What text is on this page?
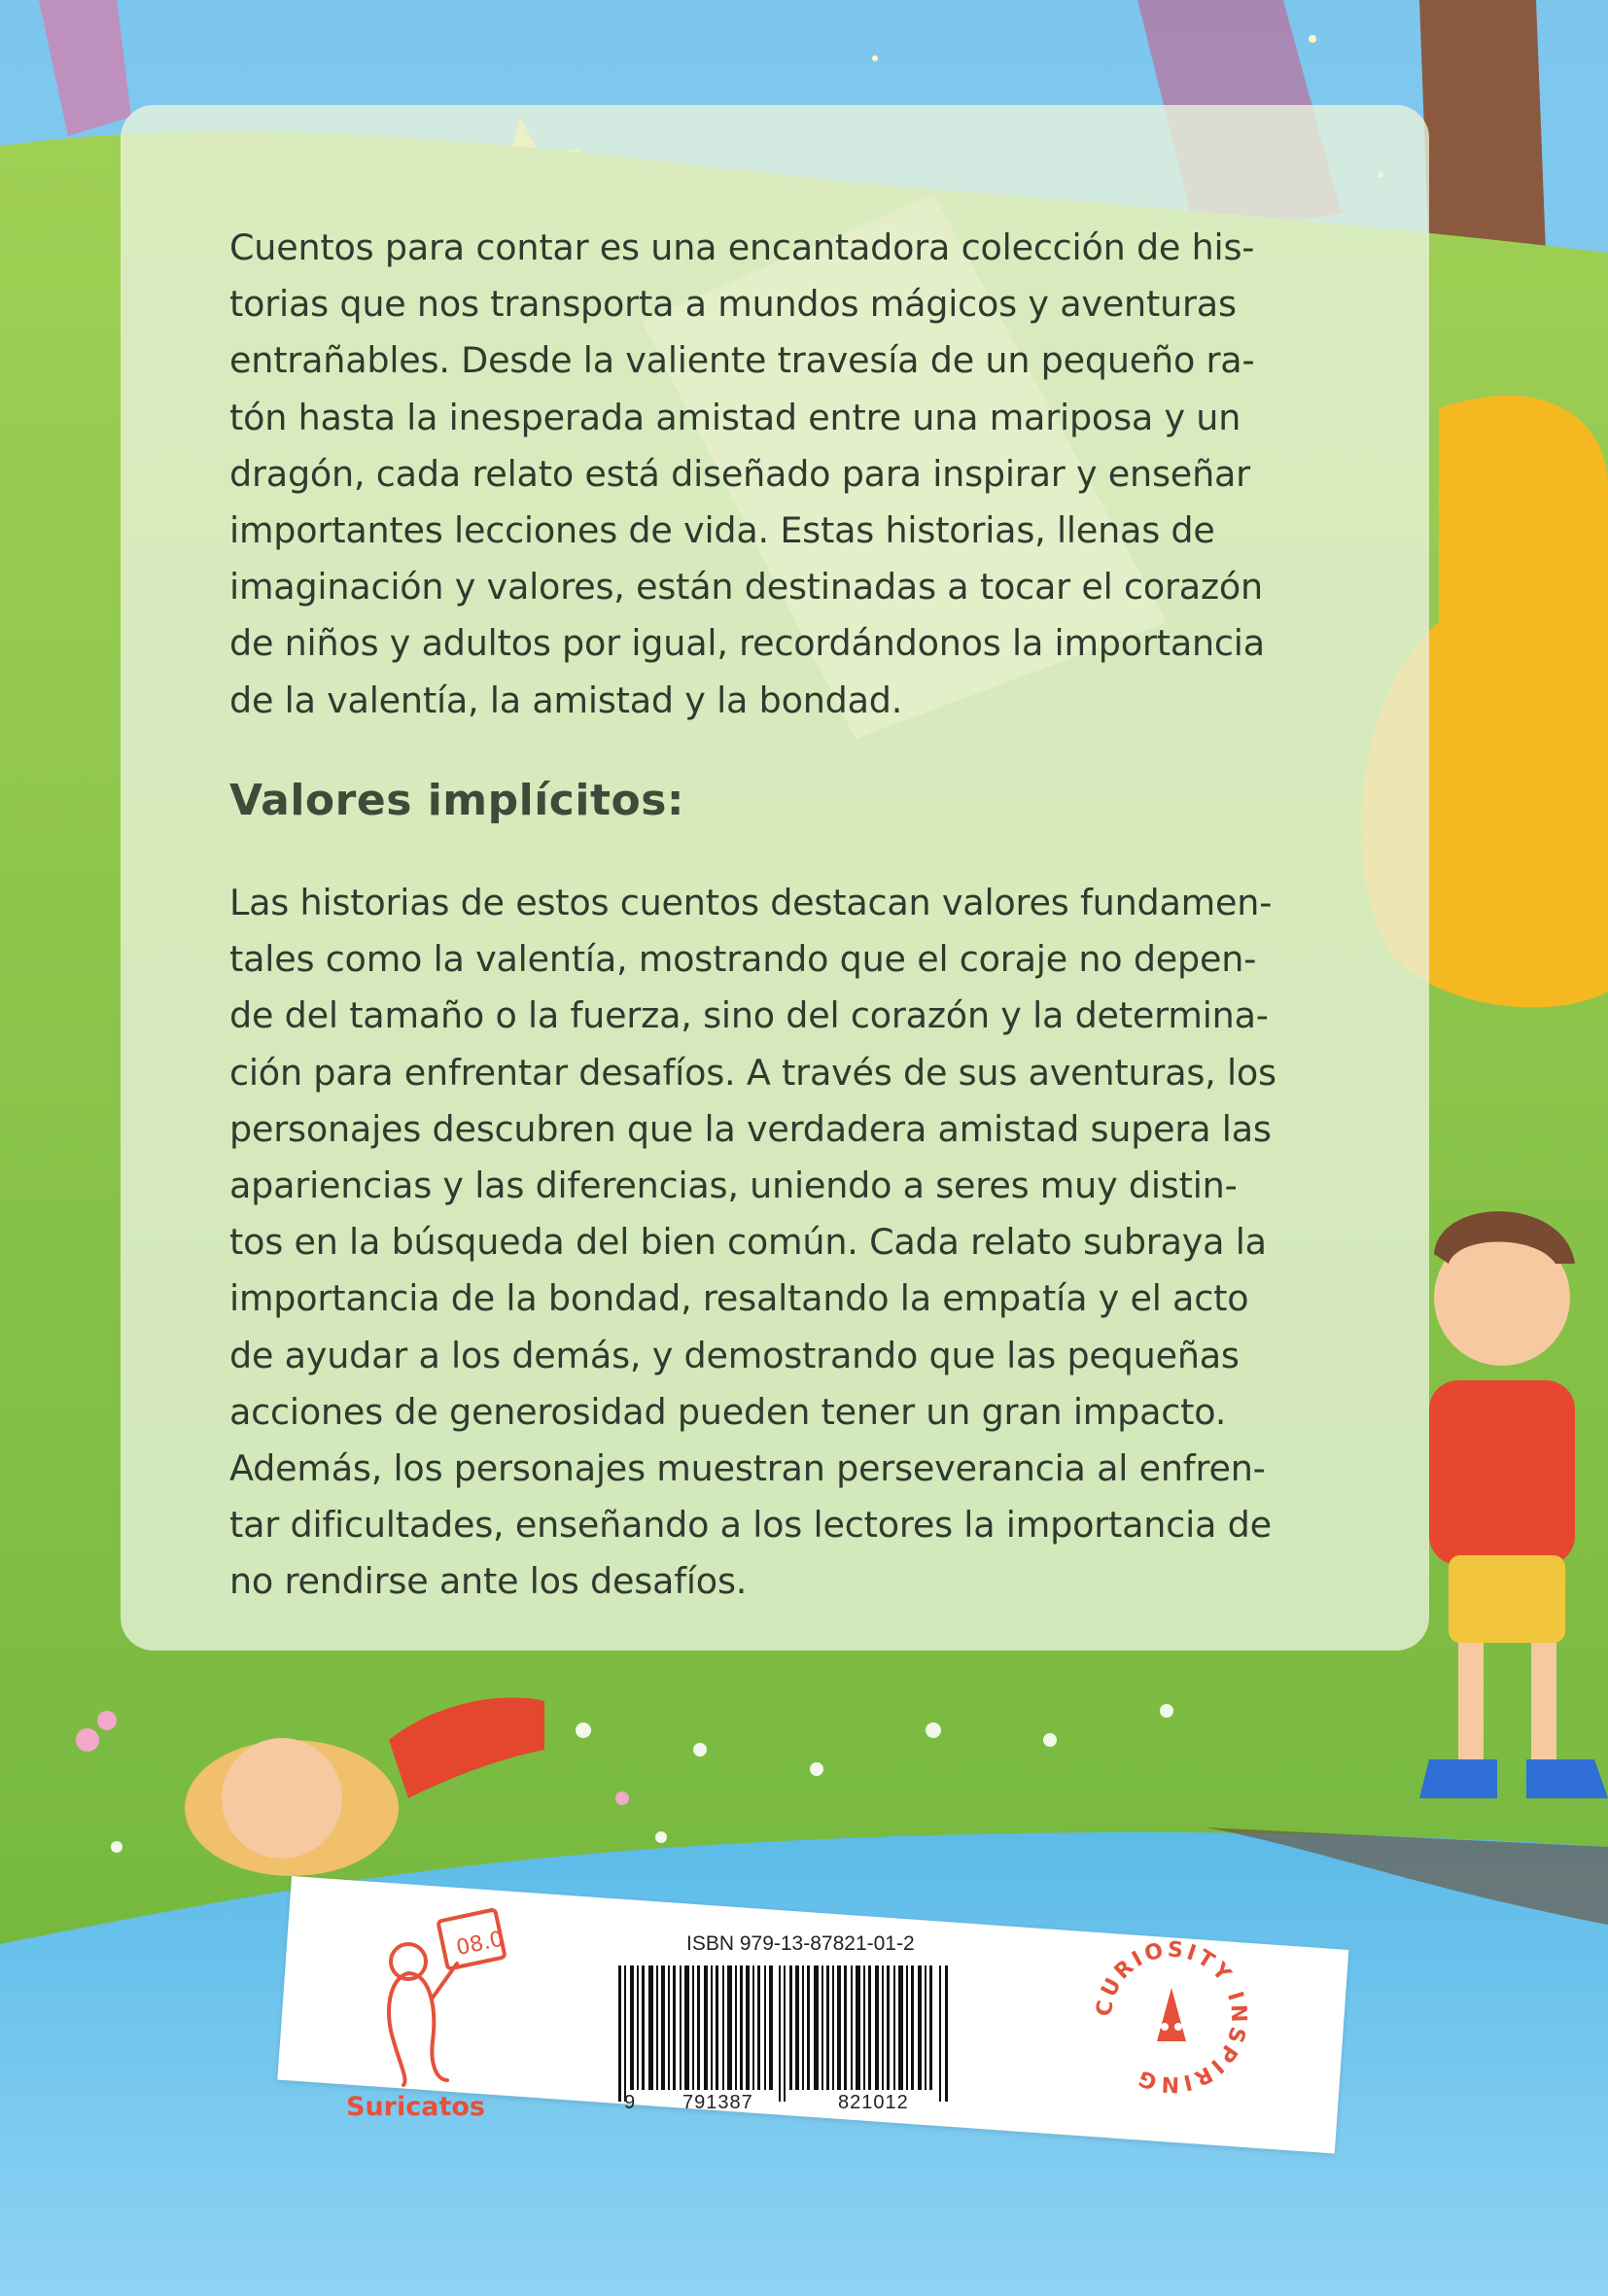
Cuentos para contar es una encantadora colección de his-
torias que nos transporta a mundos mágicos y aventuras
entrañables. Desde la valiente travesía de un pequeño ra-
tón hasta la inesperada amistad entre una mariposa y un
dragón, cada relato está diseñado para inspirar y enseñar
importantes lecciones de vida. Estas historias, llenas de
imaginación y valores, están destinadas a tocar el corazón
de niños y adultos por igual, recordándonos la importancia
de la valentía, la amistad y la bondad.

Valores implícitos:

Las historias de estos cuentos destacan valores fundamen-
tales como la valentía, mostrando que el coraje no depen-
de del tamaño o la fuerza, sino del corazón y la determina-
ción para enfrentar desafíos. A través de sus aventuras, los
personajes descubren que la verdadera amistad supera las
apariencias y las diferencias, uniendo a seres muy distin-
tos en la búsqueda del bien común. Cada relato subraya la
importancia de la bondad, resaltando la empatía y el acto
de ayudar a los demás, y demostrando que las pequeñas
acciones de generosidad pueden tener un gran impacto.
Además, los personajes muestran perseverancia al enfren-
tar dificultades, enseñando a los lectores la importancia de
no rendirse ante los desafíos.

08.0
Suricatos
ISBN 979-13-87821-01-2
9 791387	821012
CURIOSITY INSPIRING
